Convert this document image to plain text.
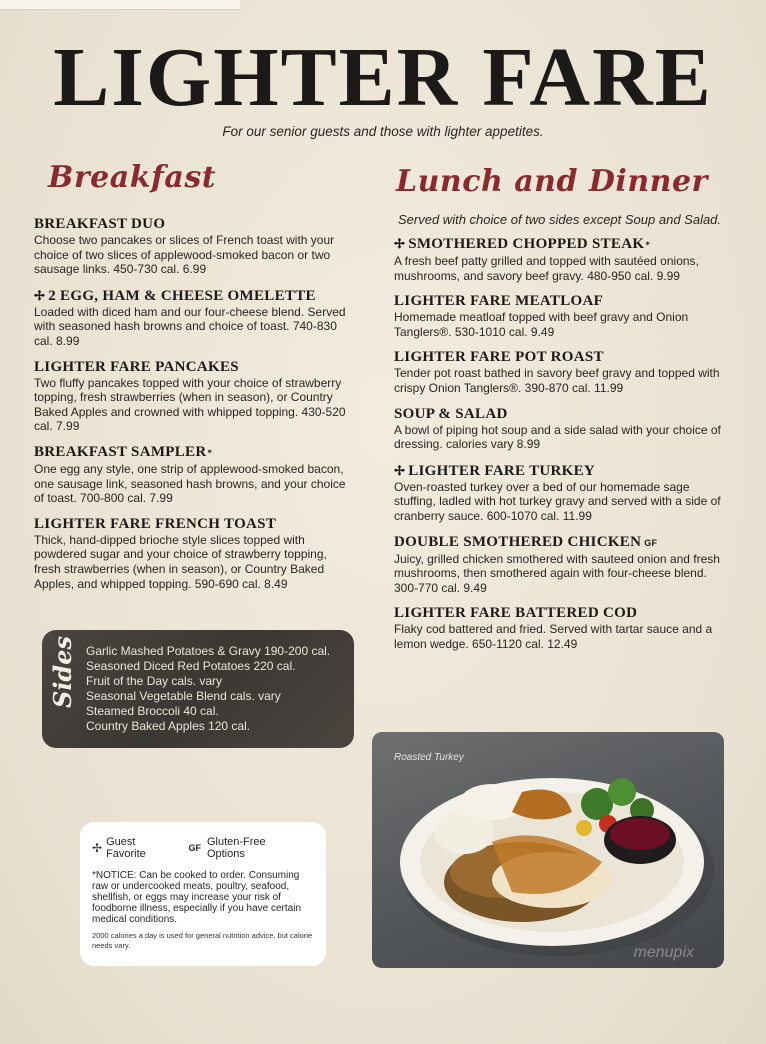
LIGHTER FARE
For our senior guests and those with lighter appetites.
Breakfast
BREAKFAST DUO
Choose two pancakes or slices of French toast with your choice of two slices of applewood-smoked bacon or two sausage links. 450-730 cal. 6.99
✢ 2 EGG, HAM & CHEESE OMELETTE
Loaded with diced ham and our four-cheese blend. Served with seasoned hash browns and choice of toast. 740-830 cal. 8.99
LIGHTER FARE PANCAKES
Two fluffy pancakes topped with your choice of strawberry topping, fresh strawberries (when in season), or Country Baked Apples and crowned with whipped topping. 430-520 cal. 7.99
BREAKFAST SAMPLER *
One egg any style, one strip of applewood-smoked bacon, one sausage link, seasoned hash browns, and your choice of toast. 700-800 cal. 7.99
LIGHTER FARE FRENCH TOAST
Thick, hand-dipped brioche style slices topped with powdered sugar and your choice of strawberry topping, fresh strawberries (when in season), or Country Baked Apples, and whipped topping. 590-690 cal. 8.49
Lunch and Dinner
Served with choice of two sides except Soup and Salad.
✢ SMOTHERED CHOPPED STEAK *
A fresh beef patty grilled and topped with sautéed onions, mushrooms, and savory beef gravy. 480-950 cal. 9.99
LIGHTER FARE MEATLOAF
Homemade meatloaf topped with beef gravy and Onion Tanglers®. 530-1010 cal. 9.49
LIGHTER FARE POT ROAST
Tender pot roast bathed in savory beef gravy and topped with crispy Onion Tanglers®. 390-870 cal. 11.99
SOUP & SALAD
A bowl of piping hot soup and a side salad with your choice of dressing. calories vary 8.99
✢ LIGHTER FARE TURKEY
Oven-roasted turkey over a bed of our homemade sage stuffing, ladled with hot turkey gravy and served with a side of cranberry sauce. 600-1070 cal. 11.99
DOUBLE SMOTHERED CHICKEN GF
Juicy, grilled chicken smothered with sauteed onion and fresh mushrooms, then smothered again with four-cheese blend. 300-770 cal. 9.49
LIGHTER FARE BATTERED COD
Flaky cod battered and fried. Served with tartar sauce and a lemon wedge. 650-1120 cal. 12.49
Sides Garlic Mashed Potatoes & Gravy 190-200 cal.
Seasoned Diced Red Potatoes 220 cal.
Fruit of the Day cals. vary
Seasonal Vegetable Blend cals. vary
Steamed Broccoli 40 cal.
Country Baked Apples 120 cal.
Roasted Turkey
menupix
✢ Guest Favorite	GF Gluten-Free Options
*NOTICE: Can be cooked to order. Consuming raw or undercooked meats, poultry, seafood, shellfish, or eggs may increase your risk of foodborne illness, especially if you have certain medical conditions.
2000 calories a day is used for general nutrition advice, but calorie needs vary.
